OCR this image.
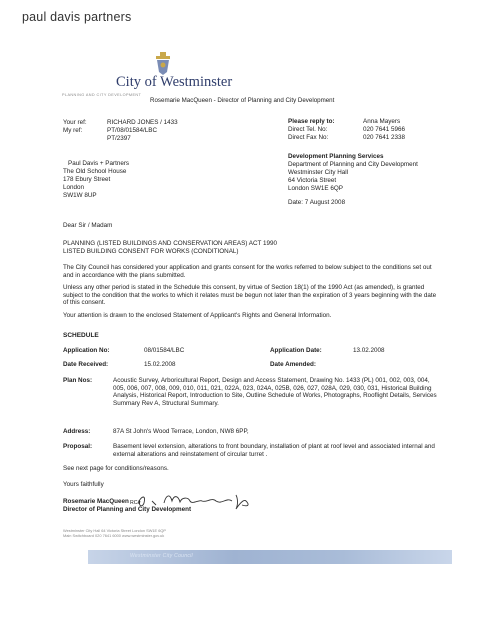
˙
paul davis partners
City of Westminster
PLANNING AND CITY DEVELOPMENT
Rosemarie MacQueen - Director of Planning and City Development
Your ref:	RICHARD JONES / 1433
My ref:	PT/08/01584/LBC
PT/2397
Please reply to:	Anna Mayers
Direct Tel. No:	020 7641 5966
Direct Fax No:	020 7641 2338
Paul Davis + Partners
The Old School House
178 Ebury Street
London
SW1W 8UP
Development Planning Services
Department of Planning and City Development
Westminster City Hall
64 Victoria Street
London SW1E 6QP
Date: 7 August 2008
Dear Sir / Madam
PLANNING (LISTED BUILDINGS AND CONSERVATION AREAS) ACT 1990
LISTED BUILDING CONSENT FOR WORKS (CONDITIONAL)
The City Council has considered your application and grants consent for the works referred to below subject to the conditions set out and in accordance with the plans submitted.
Unless any other period is stated in the Schedule this consent, by virtue of Section 18(1) of the 1990 Act (as amended), is granted subject to the condition that the works to which it relates must be begun not later than the expiration of 3 years beginning with the date of this consent.
Your attention is drawn to the enclosed Statement of Applicant's Rights and General Information.
SCHEDULE
Application No:	08/01584/LBC	Application Date:	13.02.2008
Date Received:	15.02.2008	Date Amended:
Plan Nos:	Acoustic Survey, Arboricultural Report, Design and Access Statement, Drawing No. 1433 (PL) 001, 002, 003, 004, 005, 006, 007, 008, 009, 010, 011, 021, 022A, 023, 024A, 025B, 026, 027, 028A, 029, 030, 031, Historical Building Analysis, Historical Report, Introduction to Site, Outline Schedule of Works, Photographs, Rooflight Details, Services Summary Rev A, Structural Summary.
Address:	87A St John's Wood Terrace, London, NW8 6PP,
Proposal:	Basement level extension, alterations to front boundary, installation of plant at roof level and associated internal and external alterations and reinstatement of circular turret .
See next page for conditions/reasons.
Yours faithfully
Rosemarie MacQueen RCJ
Director of Planning and City Development
Westminster City Hall 64 Victoria Street London SW1E 6QP
Main Switchboard 020 7641 6000 www.westminster.gov.uk
Westminster City Council
